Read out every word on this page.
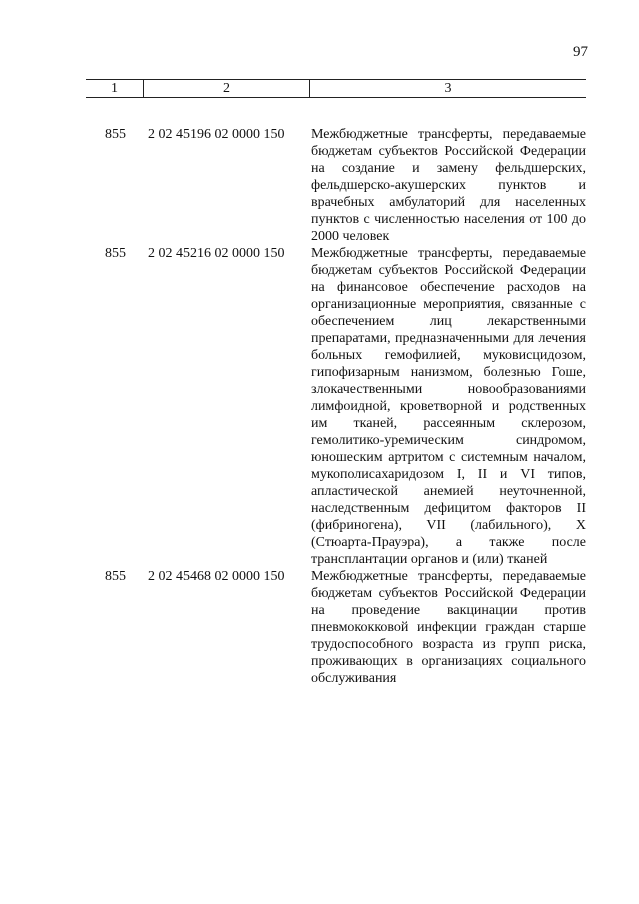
97
1	2	3
855	2 02 45196 02 0000 150	Межбюджетные трансферты, передаваемые бюджетам субъектов Российской Федерации на создание и замену фельдшерских, фельдшерско-акушерских пунктов и врачебных амбулаторий для населенных пунктов с численностью населения от 100 до 2000 человек
855	2 02 45216 02 0000 150	Межбюджетные трансферты, передаваемые бюджетам субъектов Российской Федерации на финансовое обеспечение расходов на организационные мероприятия, связанные с обеспечением лиц лекарственными препаратами, предназначенными для лечения больных гемофилией, муковисцидозом, гипофизарным нанизмом, болезнью Гоше, злокачественными новообразованиями лимфоидной, кроветворной и родственных им тканей, рассеянным склерозом, гемолитико-уремическим синдромом, юношеским артритом с системным началом, мукополисахаридозом I, II и VI типов, апластической анемией неуточненной, наследственным дефицитом факторов II (фибриногена), VII (лабильного), X (Стюарта-Прауэра), а также после трансплантации органов и (или) тканей
855	2 02 45468 02 0000 150	Межбюджетные трансферты, передаваемые бюджетам субъектов Российской Федерации на проведение вакцинации против пневмококковой инфекции граждан старше трудоспособного возраста из групп риска, проживающих в организациях социального обслуживания
